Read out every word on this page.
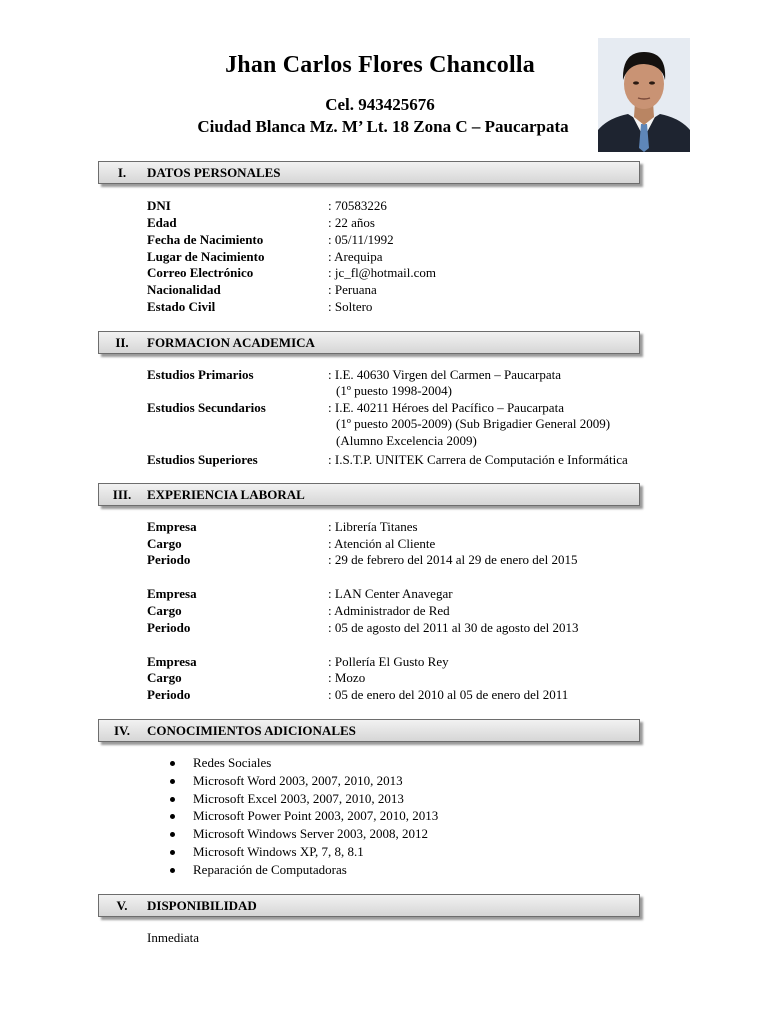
Jhan Carlos Flores Chancolla
Cel. 943425676
Ciudad Blanca Mz. M’ Lt. 18 Zona C – Paucarpata
I.	DATOS PERSONALES
DNI	: 70583226
Edad	: 22 años
Fecha de Nacimiento	: 05/11/1992
Lugar de Nacimiento	: Arequipa
Correo Electrónico	: jc_fl@hotmail.com
Nacionalidad	: Peruana
Estado Civil	: Soltero
II.	FORMACION ACADEMICA
Estudios Primarios	: I.E. 40630 Virgen del Carmen – Paucarpata
(1º puesto 1998-2004)
Estudios Secundarios	: I.E. 40211 Héroes del Pacífico – Paucarpata
(1º puesto 2005-2009) (Sub Brigadier General 2009)
(Alumno Excelencia 2009)
Estudios Superiores	: I.S.T.P. UNITEK Carrera de Computación e Informática
III.	EXPERIENCIA LABORAL
Empresa	: Librería Titanes
Cargo	: Atención al Cliente
Periodo	: 29 de febrero del 2014 al 29 de enero del 2015
Empresa	: LAN Center Anavegar
Cargo	: Administrador de Red
Periodo	: 05 de agosto del 2011 al 30 de agosto del 2013
Empresa	: Pollería El Gusto Rey
Cargo	: Mozo
Periodo	: 05 de enero del 2010 al 05 de enero del 2011
IV.	CONOCIMIENTOS ADICIONALES
Redes Sociales
Microsoft Word 2003, 2007, 2010, 2013
Microsoft Excel 2003, 2007, 2010, 2013
Microsoft Power Point 2003, 2007, 2010, 2013
Microsoft Windows Server 2003, 2008, 2012
Microsoft Windows XP, 7, 8, 8.1
Reparación de Computadoras
V.	DISPONIBILIDAD
Inmediata
